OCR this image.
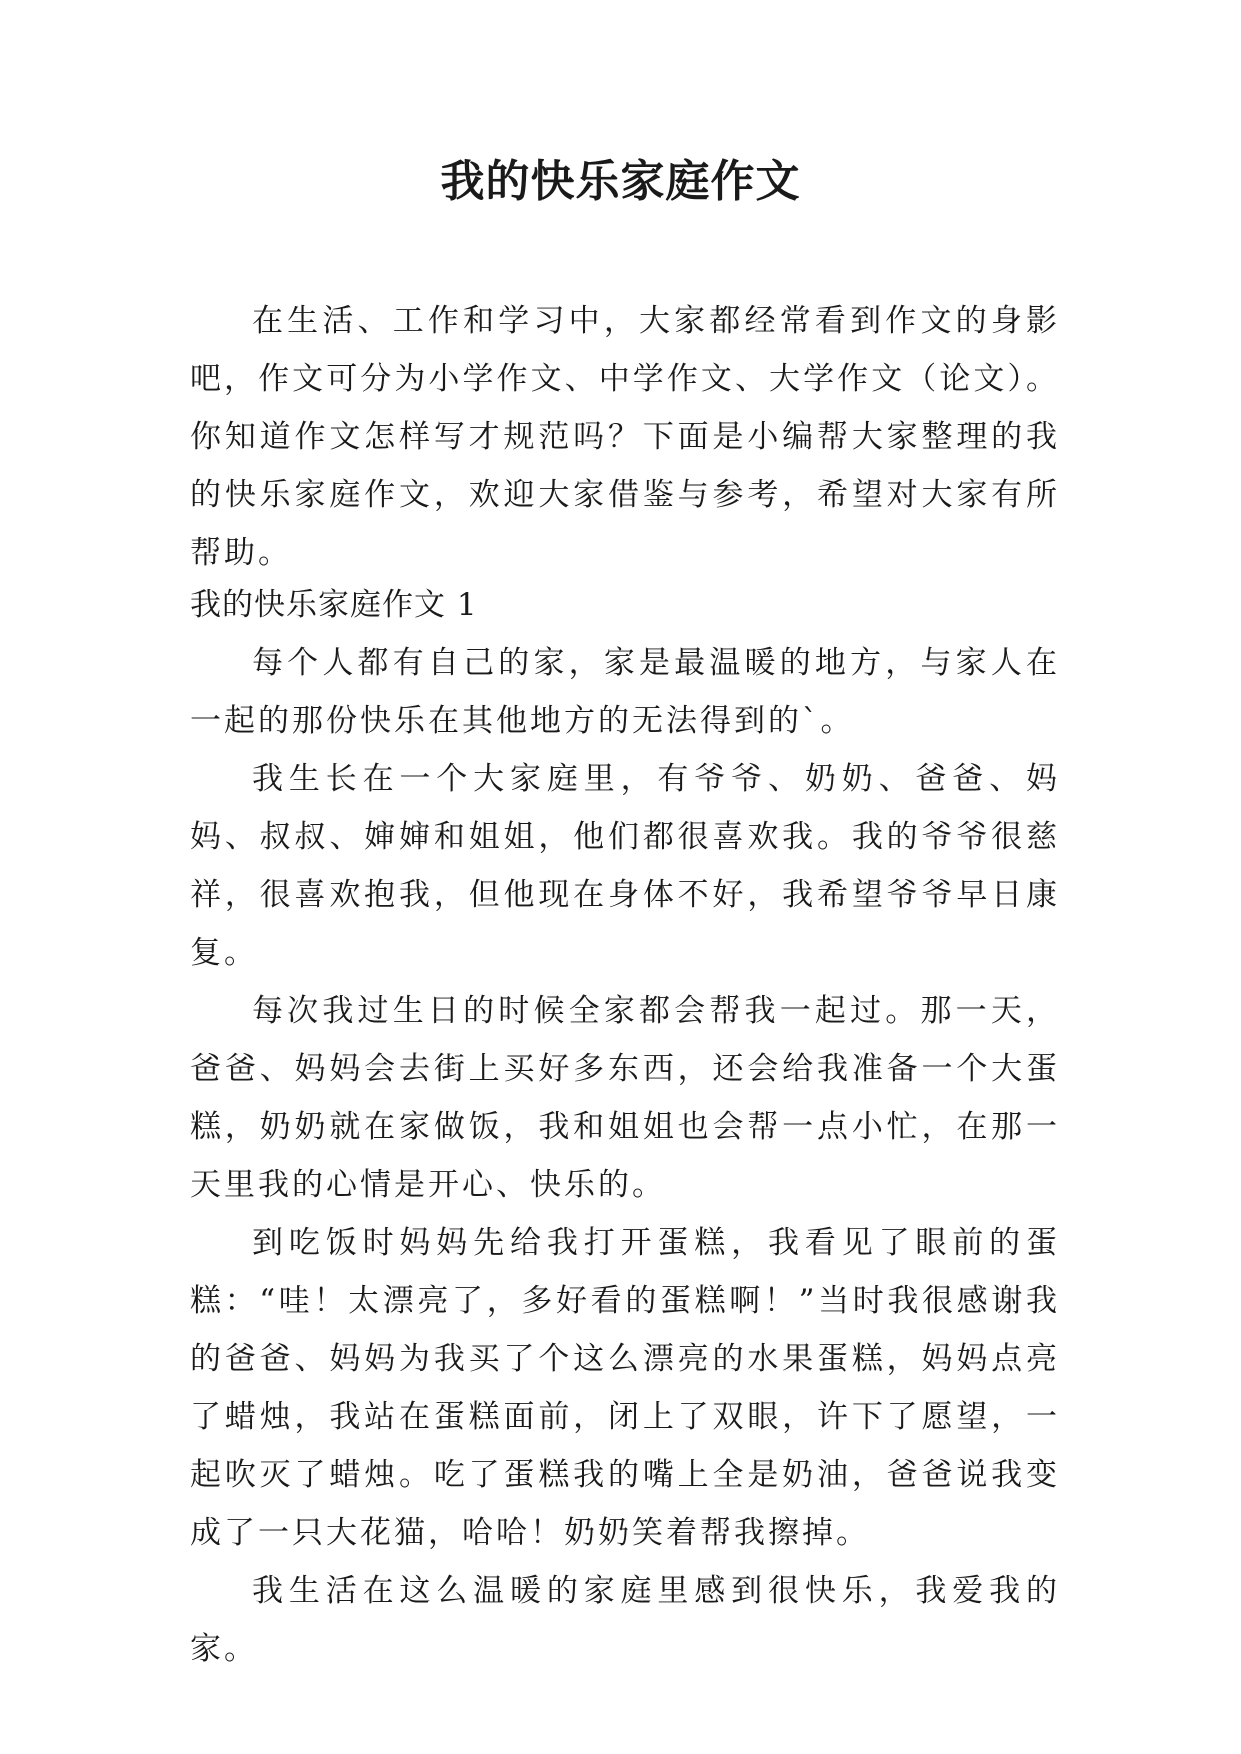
我的快乐家庭作文

在生活、工作和学习中，大家都经常看到作文的身影吧，作文可分为小学作文、中学作文、大学作文（论文）。你知道作文怎样写才规范吗？下面是小编帮大家整理的我的快乐家庭作文，欢迎大家借鉴与参考，希望对大家有所帮助。

我的快乐家庭作文 1

每个人都有自己的家，家是最温暖的地方，与家人在一起的那份快乐在其他地方的无法得到的`。

我生长在一个大家庭里，有爷爷、奶奶、爸爸、妈妈、叔叔、婶婶和姐姐，他们都很喜欢我。我的爷爷很慈祥，很喜欢抱我，但他现在身体不好，我希望爷爷早日康复。

每次我过生日的时候全家都会帮我一起过。那一天，爸爸、妈妈会去街上买好多东西，还会给我准备一个大蛋糕，奶奶就在家做饭，我和姐姐也会帮一点小忙，在那一天里我的心情是开心、快乐的。

到吃饭时妈妈先给我打开蛋糕，我看见了眼前的蛋糕：“哇！太漂亮了，多好看的蛋糕啊！”当时我很感谢我的爸爸、妈妈为我买了个这么漂亮的水果蛋糕，妈妈点亮了蜡烛，我站在蛋糕面前，闭上了双眼，许下了愿望，一起吹灭了蜡烛。吃了蛋糕我的嘴上全是奶油，爸爸说我变成了一只大花猫，哈哈！奶奶笑着帮我擦掉。

我生活在这么温暖的家庭里感到很快乐，我爱我的家。
